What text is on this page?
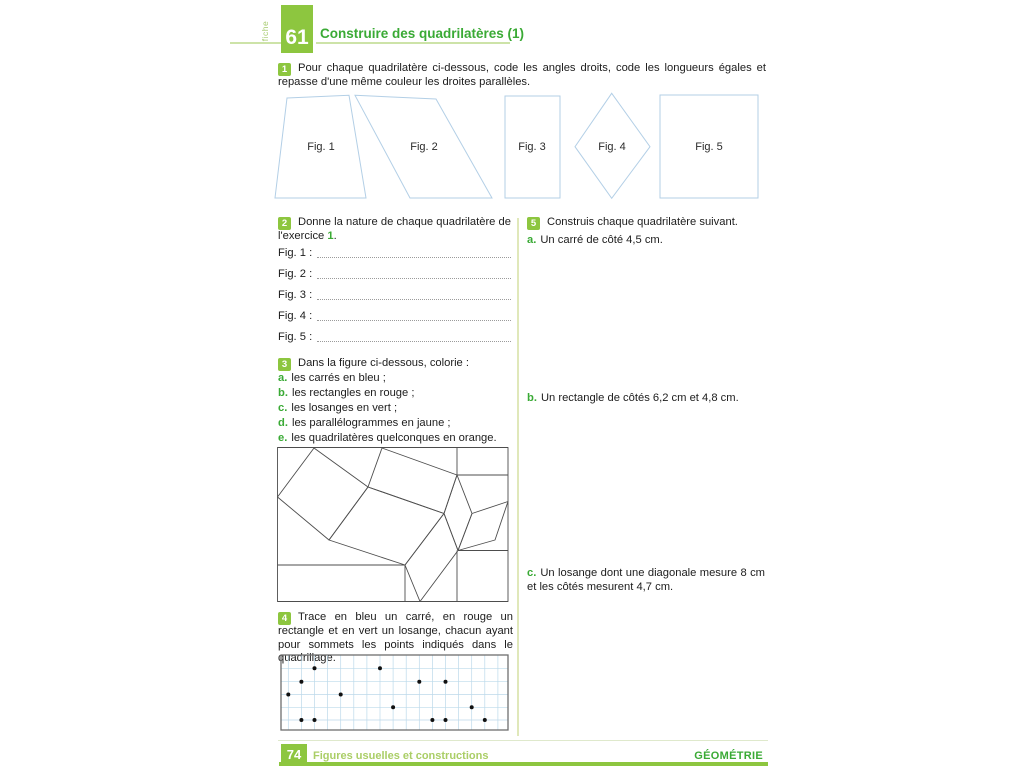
fiche 61 Construire des quadrilatères (1)
1 Pour chaque quadrilatère ci-dessous, code les angles droits, code les longueurs égales et repasse d'une même couleur les droites parallèles.
Fig. 1	Fig. 2	Fig. 3	Fig. 4	Fig. 5
2 Donne la nature de chaque quadrilatère de l'exercice 1.
Fig. 1 :
Fig. 2 :
Fig. 3 :
Fig. 4 :
Fig. 5 :
3 Dans la figure ci-dessous, colorie :
a. les carrés en bleu ;
b. les rectangles en rouge ;
c. les losanges en vert ;
d. les parallélogrammes en jaune ;
e. les quadrilatères quelconques en orange.
4 Trace en bleu un carré, en rouge un rectangle et en vert un losange, chacun ayant pour sommets les points indiqués dans le quadrillage.
5 Construis chaque quadrilatère suivant.
a. Un carré de côté 4,5 cm.
b. Un rectangle de côtés 6,2 cm et 4,8 cm.
c. Un losange dont une diagonale mesure 8 cm et les côtés mesurent 4,7 cm.
74	Figures usuelles et constructions	GÉOMÉTRIE
